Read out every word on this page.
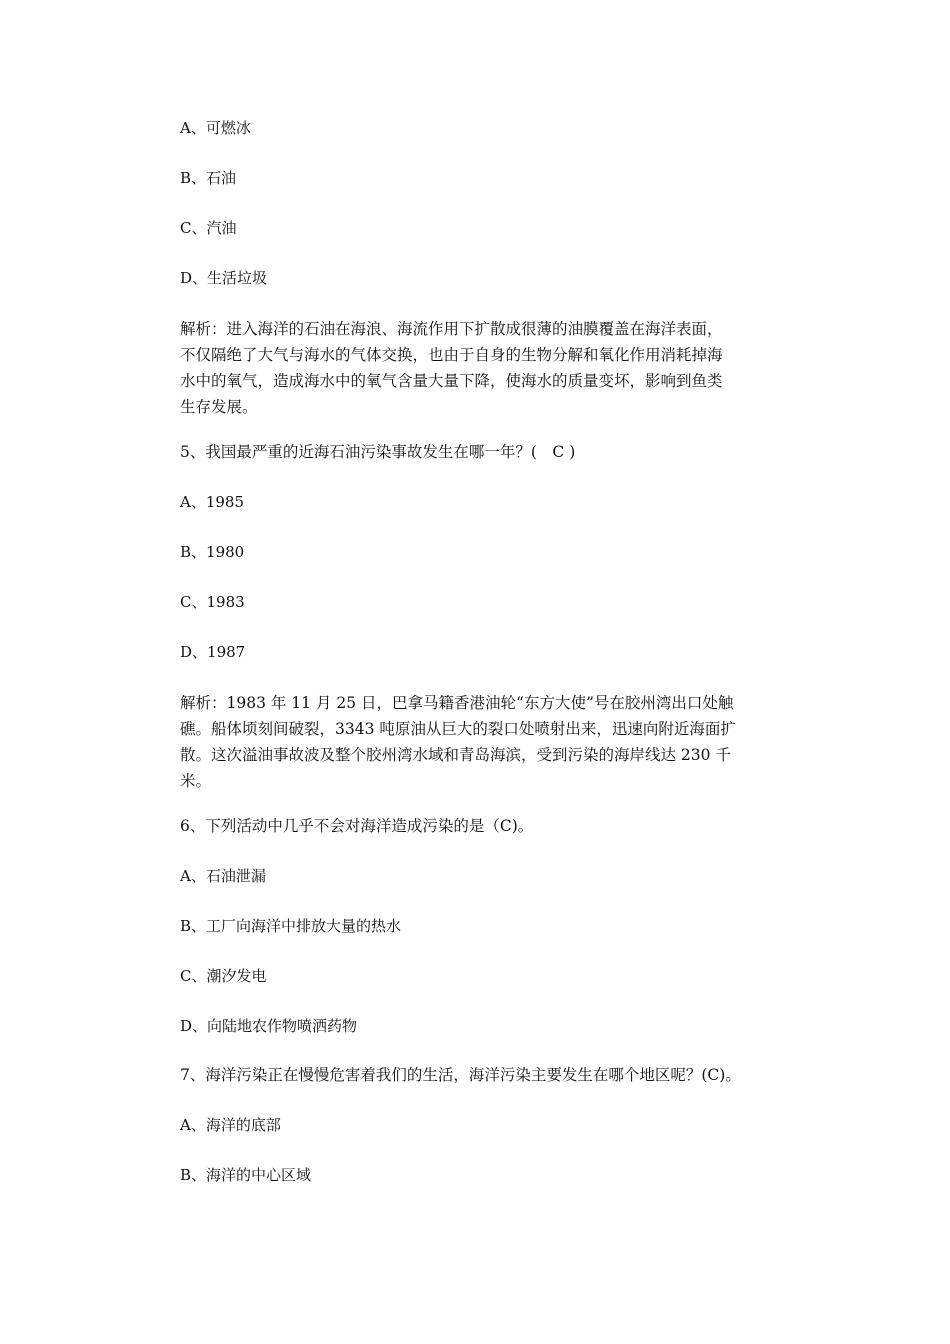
A、可燃冰
B、石油
C、汽油
D、生活垃圾
解析：进入海洋的石油在海浪、海流作用下扩散成很薄的油膜覆盖在海洋表面，
不仅隔绝了大气与海水的气体交换，也由于自身的生物分解和氧化作用消耗掉海
水中的氧气，造成海水中的氧气含量大量下降，使海水的质量变坏，影响到鱼类
生存发展。
5、我国最严重的近海石油污染事故发生在哪一年？(　C )
A、1985
B、1980
C、1983
D、1987
解析：1983 年 11 月 25 日，巴拿马籍香港油轮“东方大使”号在胶州湾出口处触
礁。船体顷刻间破裂，3343 吨原油从巨大的裂口处喷射出来，迅速向附近海面扩
散。这次溢油事故波及整个胶州湾水域和青岛海滨，受到污染的海岸线达 230 千
米。
6、下列活动中几乎不会对海洋造成污染的是（C)。
A、石油泄漏
B、工厂向海洋中排放大量的热水
C、潮汐发电
D、向陆地农作物喷洒药物
7、海洋污染正在慢慢危害着我们的生活，海洋污染主要发生在哪个地区呢？(C)。
A、海洋的底部
B、海洋的中心区域
